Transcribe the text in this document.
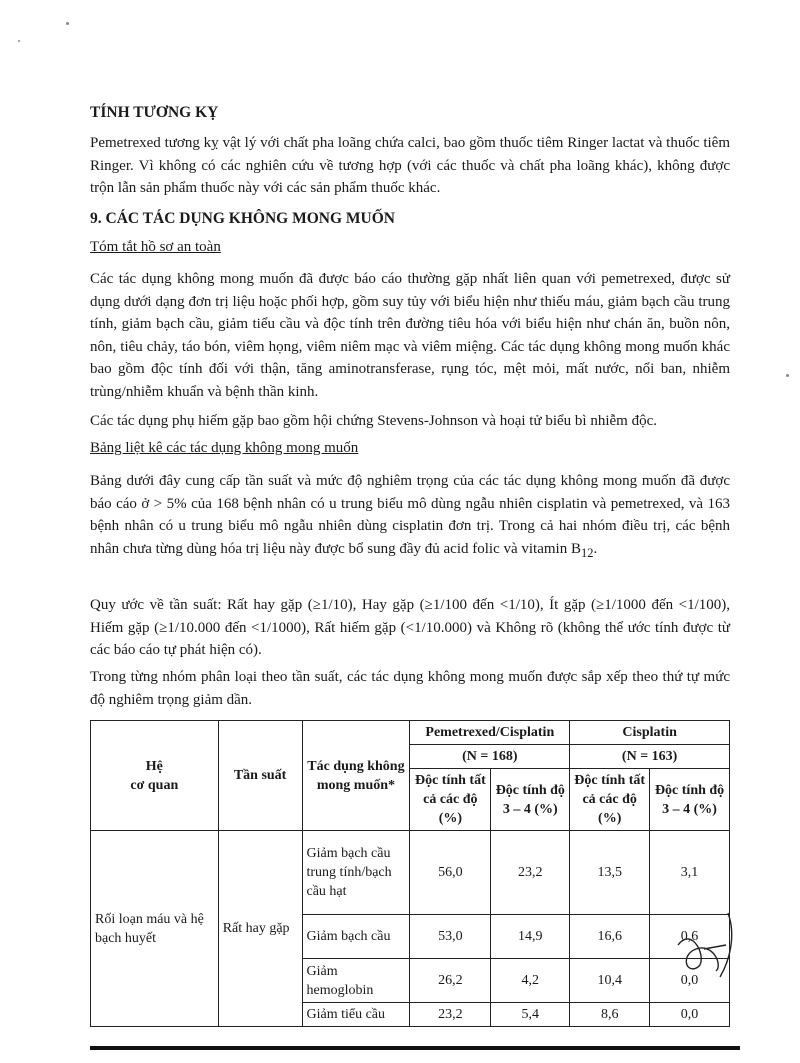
TÍNH TƯƠNG KỴ

Pemetrexed tương kỵ vật lý với chất pha loãng chứa calci, bao gồm thuốc tiêm Ringer lactat và thuốc tiêm Ringer. Vì không có các nghiên cứu về tương hợp (với các thuốc và chất pha loãng khác), không được trộn lẫn sản phẩm thuốc này với các sản phẩm thuốc khác.

9. CÁC TÁC DỤNG KHÔNG MONG MUỐN

Tóm tắt hồ sơ an toàn

Các tác dụng không mong muốn đã được báo cáo thường gặp nhất liên quan với pemetrexed, được sử dụng dưới dạng đơn trị liệu hoặc phối hợp, gồm suy tủy với biểu hiện như thiếu máu, giảm bạch cầu trung tính, giảm bạch cầu, giảm tiểu cầu và độc tính trên đường tiêu hóa với biểu hiện như chán ăn, buồn nôn, nôn, tiêu chảy, táo bón, viêm họng, viêm niêm mạc và viêm miệng. Các tác dụng không mong muốn khác bao gồm độc tính đối với thận, tăng aminotransferase, rụng tóc, mệt mỏi, mất nước, nổi ban, nhiễm trùng/nhiễm khuẩn và bệnh thần kinh.

Các tác dụng phụ hiếm gặp bao gồm hội chứng Stevens-Johnson và hoại tử biểu bì nhiễm độc.

Bảng liệt kê các tác dụng không mong muốn

Bảng dưới đây cung cấp tần suất và mức độ nghiêm trọng của các tác dụng không mong muốn đã được báo cáo ở > 5% của 168 bệnh nhân có u trung biểu mô dùng ngẫu nhiên cisplatin và pemetrexed, và 163 bệnh nhân có u trung biểu mô ngẫu nhiên dùng cisplatin đơn trị. Trong cả hai nhóm điều trị, các bệnh nhân chưa từng dùng hóa trị liệu này được bổ sung đầy đủ acid folic và vitamin $B_{12}$.

Quy ước về tần suất: Rất hay gặp (≥1/10), Hay gặp (≥1/100 đến <1/10), Ít gặp (≥1/1000 đến <1/100), Hiếm gặp (≥1/10.000 đến <1/1000), Rất hiếm gặp (<1/10.000) và Không rõ (không thể ước tính được từ các báo cáo tự phát hiện có).

Trong từng nhóm phân loại theo tần suất, các tác dụng không mong muốn được sắp xếp theo thứ tự mức độ nghiêm trọng giảm dần.

Hệ
cơ quan	Tần suất	Tác dụng không mong muốn*	Pemetrexed/Cisplatin		Cisplatin	
			(N = 168)		(N = 163)	
			Độc tính tất cả các độ (%)	Độc tính độ 3 – 4 (%)	Độc tính tất cả các độ (%)	Độc tính độ 3 – 4 (%)
Rối loạn máu và hệ bạch huyết	Rất hay gặp	Giảm bạch cầu trung tính/bạch cầu hạt	56,0	23,2	13,5	3,1
		Giảm bạch cầu	53,0	14,9	16,6	0,6
		Giảm hemoglobin	26,2	4,2	10,4	0,0
		Giảm tiểu cầu	23,2	5,4	8,6	0,0
